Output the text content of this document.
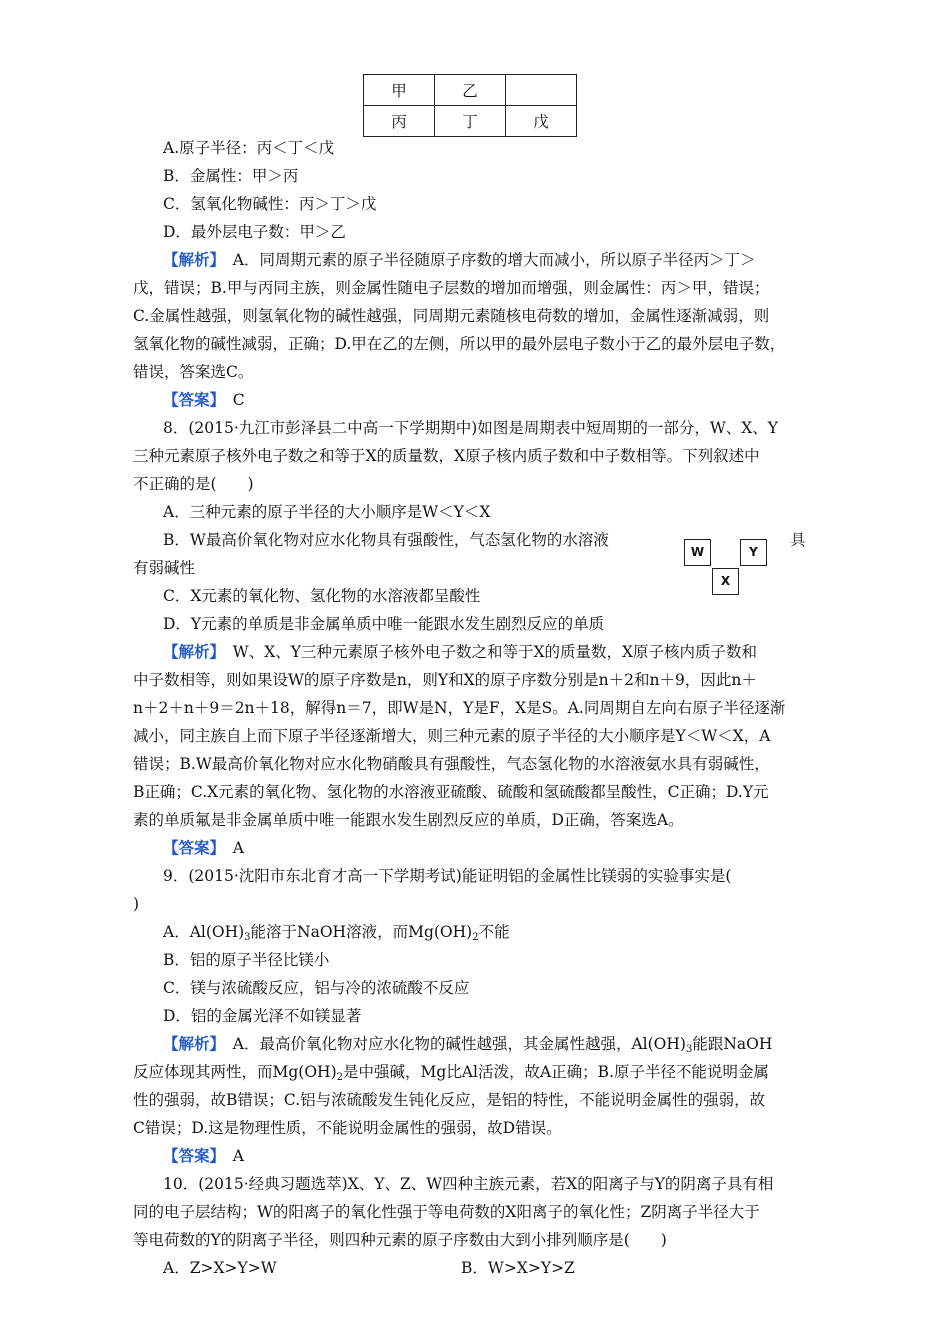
甲	乙	
丙	丁	戊
A.原子半径：丙＜丁＜戊
B．金属性：甲＞丙
C．氢氧化物碱性：丙＞丁＞戊
D．最外层电子数：甲＞乙
【解析】　 A．同周期元素的原子半径随原子序数的增大而减小，所以原子半径丙＞丁＞
戊，错误；B.甲与丙同主族，则金属性随电子层数的增加而增强，则金属性：丙＞甲，错误；
C.金属性越强，则氢氧化物的碱性越强，同周期元素随核电荷数的增加，金属性逐渐减弱，则
氢氧化物的碱性减弱，正确；D.甲在乙的左侧，所以甲的最外层电子数小于乙的最外层电子数，
错误，答案选C。
【答案】　 C
8．(2015·九江市彭泽县二中高一下学期期中)如图是周期表中短周期的一部分，W、X、Y
三种元素原子核外电子数之和等于X的质量数，X原子核内质子数和中子数相等。下列叙述中
不正确的是(　　)
A．三种元素的原子半径的大小顺序是W＜Y＜X
B．W最高价氧化物对应水化物具有强酸性，气态氢化物的水溶液	具
有弱碱性
C．X元素的氧化物、氢化物的水溶液都呈酸性
D．Y元素的单质是非金属单质中唯一能跟水发生剧烈反应的单质
W	Y
X
【解析】　 W、X、Y三种元素原子核外电子数之和等于X的质量数，X原子核内质子数和
中子数相等，则如果设W的原子序数是n，则Y和X的原子序数分别是n＋2和n＋9，因此n＋
n＋2＋n＋9＝2n＋18，解得n＝7，即W是N，Y是F，X是S。A.同周期自左向右原子半径逐渐
减小，同主族自上而下原子半径逐渐增大，则三种元素的原子半径的大小顺序是Y＜W＜X，A
错误；B.W最高价氧化物对应水化物硝酸具有强酸性，气态氢化物的水溶液氨水具有弱碱性，
B正确；C.X元素的氧化物、氢化物的水溶液亚硫酸、硫酸和氢硫酸都呈酸性，C正确；D.Y元
素的单质氟是非金属单质中唯一能跟水发生剧烈反应的单质，D正确，答案选A。
【答案】　 A
9．(2015·沈阳市东北育才高一下学期考试)能证明铝的金属性比镁弱的实验事实是(
)
A．$Al(OH)_3$能溶于NaOH溶液，而$Mg(OH)_2$不能
B．铝的原子半径比镁小
C．镁与浓硫酸反应，铝与冷的浓硫酸不反应
D．铝的金属光泽不如镁显著
【解析】　 A．最高价氧化物对应水化物的碱性越强，其金属性越强，$Al(OH)_3$能跟NaOH
反应体现其两性，而$Mg(OH)_2$是中强碱，Mg比Al活泼，故A正确；B.原子半径不能说明金属
性的强弱，故B错误；C.铝与浓硫酸发生钝化反应，是铝的特性，不能说明金属性的强弱，故
C错误；D.这是物理性质，不能说明金属性的强弱，故D错误。
【答案】　 A
10．(2015·经典习题选萃)X、Y、Z、W四种主族元素，若X的阳离子与Y的阴离子具有相
同的电子层结构；W的阳离子的氧化性强于等电荷数的X阳离子的氧化性；Z阴离子半径大于
等电荷数的Y的阴离子半径，则四种元素的原子序数由大到小排列顺序是(　　)
A．Z>X>Y>W	B．W>X>Y>Z
